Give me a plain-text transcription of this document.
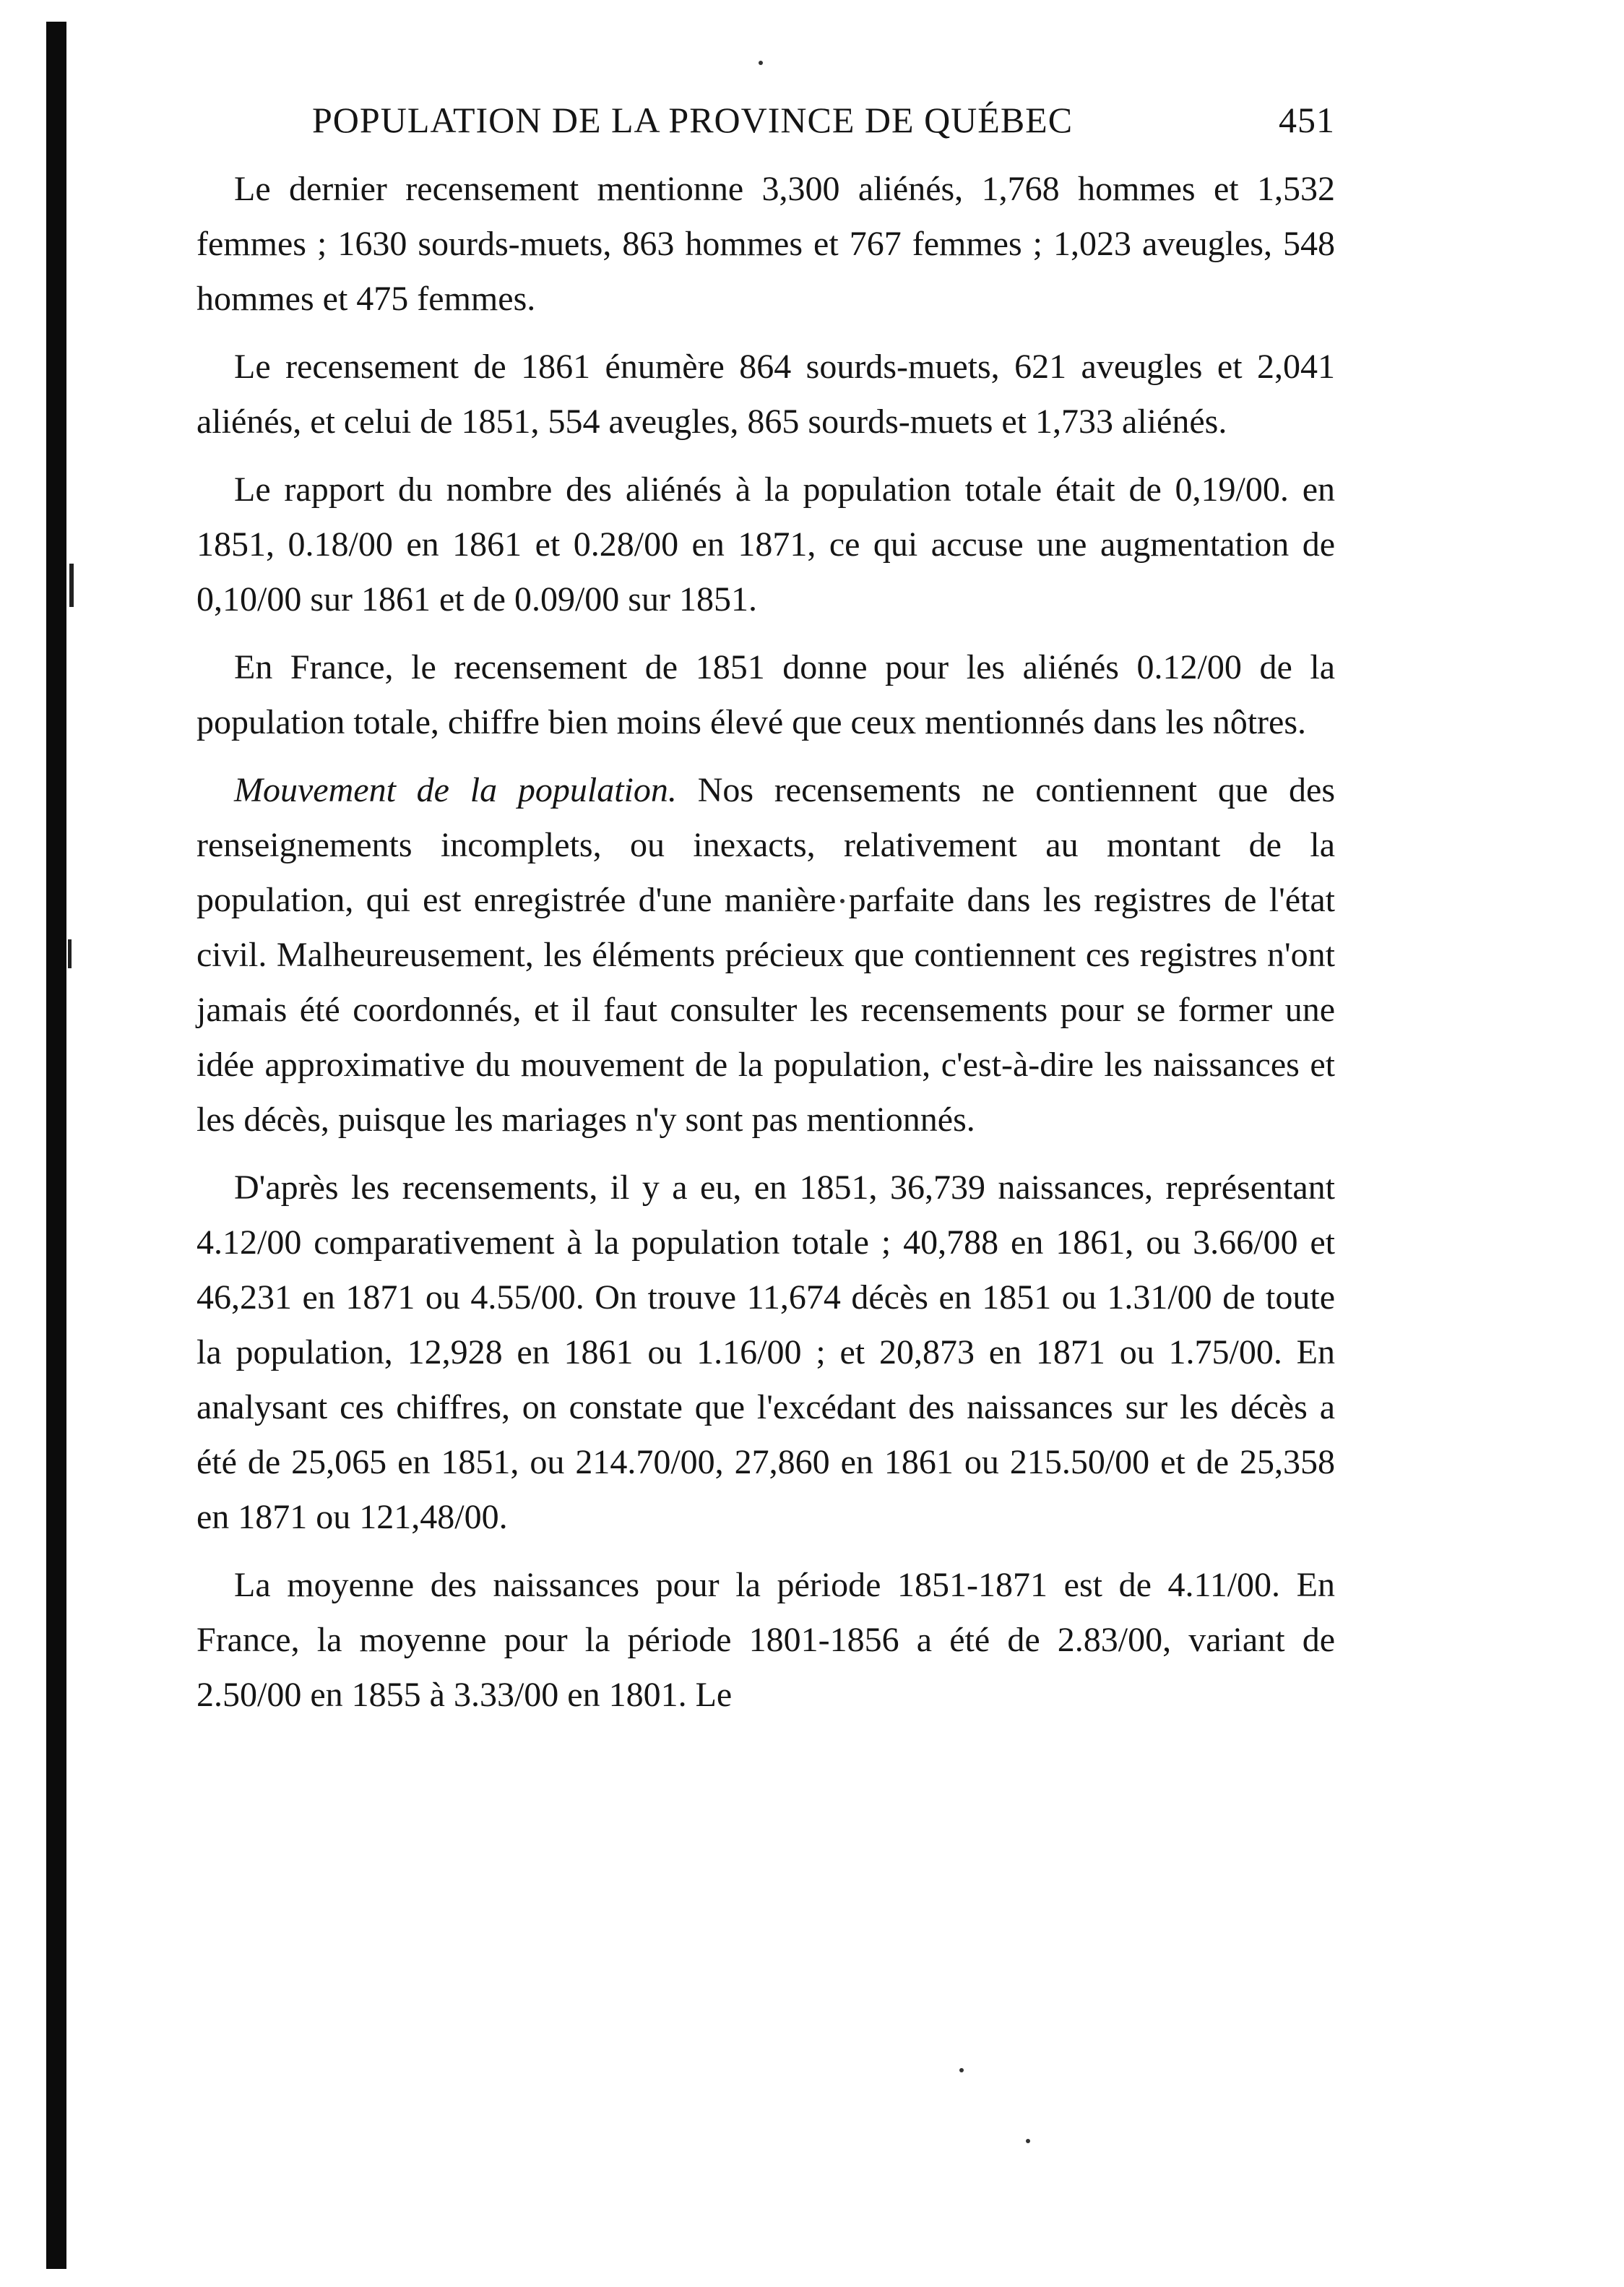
POPULATION DE LA PROVINCE DE QUÉBEC	451

Le dernier recensement mentionne 3,300 aliénés, 1,768 hommes et 1,532 femmes ; 1630 sourds-muets, 863 hommes et 767 femmes ; 1,023 aveugles, 548 hommes et 475 femmes.

Le recensement de 1861 énumère 864 sourds-muets, 621 aveugles et 2,041 aliénés, et celui de 1851, 554 aveugles, 865 sourds-muets et 1,733 aliénés.

Le rapport du nombre des aliénés à la population totale était de 0,19/00. en 1851, 0.18/00 en 1861 et 0.28/00 en 1871, ce qui accuse une augmentation de 0,10/00 sur 1861 et de 0.09/00 sur 1851.

En France, le recensement de 1851 donne pour les aliénés 0.12/00 de la population totale, chiffre bien moins élevé que ceux mentionnés dans les nôtres.

Mouvement de la population. Nos recensements ne contiennent que des renseignements incomplets, ou inexacts, relativement au montant de la population, qui est enregistrée d'une manière parfaite dans les registres de l'état civil. Malheureusement, les éléments précieux que contiennent ces registres n'ont jamais été coordonnés, et il faut consulter les recensements pour se former une idée approximative du mouvement de la population, c'est-à-dire les naissances et les décès, puisque les mariages n'y sont pas mentionnés.

D'après les recensements, il y a eu, en 1851, 36,739 naissances, représentant 4.12/00 comparativement à la population totale ; 40,788 en 1861, ou 3.66/00 et 46,231 en 1871 ou 4.55/00. On trouve 11,674 décès en 1851 ou 1.31/00 de toute la population, 12,928 en 1861 ou 1.16/00 ; et 20,873 en 1871 ou 1.75/00. En analysant ces chiffres, on constate que l'excédant des naissances sur les décès a été de 25,065 en 1851, ou 214.70/00, 27,860 en 1861 ou 215.50/00 et de 25,358 en 1871 ou 121,48/00.

La moyenne des naissances pour la période 1851-1871 est de 4.11/00. En France, la moyenne pour la période 1801-1856 a été de 2.83/00, variant de 2.50/00 en 1855 à 3.33/00 en 1801. Le
